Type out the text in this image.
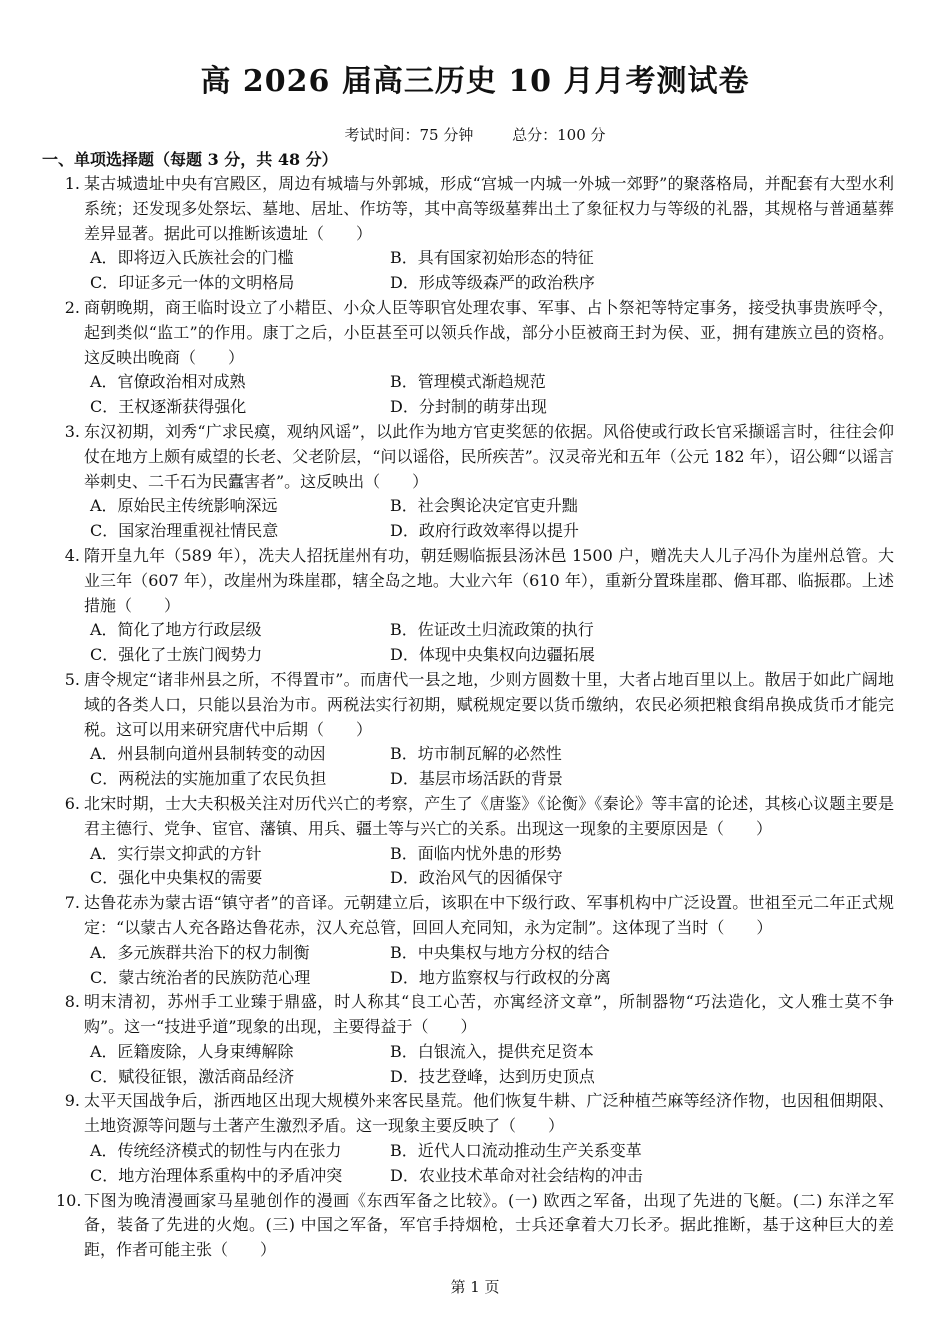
高 2026 届高三历史 10 月月考测试卷
考试时间：75 分钟	总分：100 分
一、单项选择题（每题 3 分，共 48 分）
1. 某古城遗址中央有宫殿区，周边有城墙与外郭城，形成“宫城一内城一外城一郊野”的聚落格局，并配套有大型水利系统；还发现多处祭坛、墓地、居址、作坊等，其中高等级墓葬出土了象征权力与等级的礼器，其规格与普通墓葬差异显著。据此可以推断该遗址（　　）
A．即将迈入氏族社会的门槛	B．具有国家初始形态的特征
C．印证多元一体的文明格局	D．形成等级森严的政治秩序
2. 商朝晚期，商王临时设立了小耤臣、小众人臣等职官处理农事、军事、占卜祭祀等特定事务，接受执事贵族呼令，起到类似“监工”的作用。康丁之后，小臣甚至可以领兵作战，部分小臣被商王封为侯、亚，拥有建族立邑的资格。这反映出晚商（　　）
A．官僚政治相对成熟	B．管理模式渐趋规范
C．王权逐渐获得强化	D．分封制的萌芽出现
3. 东汉初期，刘秀“广求民瘼，观纳风谣”，以此作为地方官吏奖惩的依据。风俗使或行政长官采撷谣言时，往往会仰仗在地方上颇有威望的长老、父老阶层，“问以谣俗，民所疾苦”。汉灵帝光和五年（公元 182 年），诏公卿“以谣言举刺史、二千石为民蠹害者”。这反映出（　　）
A．原始民主传统影响深远	B．社会舆论决定官吏升黜
C．国家治理重视社情民意	D．政府行政效率得以提升
4. 隋开皇九年（589 年），冼夫人招抚崖州有功，朝廷赐临振县汤沐邑 1500 户，赠冼夫人儿子冯仆为崖州总管。大业三年（607 年），改崖州为珠崖郡，辖全岛之地。大业六年（610 年），重新分置珠崖郡、儋耳郡、临振郡。上述措施（　　）
A．简化了地方行政层级	B．佐证改土归流政策的执行
C．强化了士族门阀势力	D．体现中央集权向边疆拓展
5. 唐令规定“诸非州县之所，不得置市”。而唐代一县之地，少则方圆数十里，大者占地百里以上。散居于如此广阔地域的各类人口，只能以县治为市。两税法实行初期，赋税规定要以货币缴纳，农民必须把粮食绢帛换成货币才能完税。这可以用来研究唐代中后期（　　）
A．州县制向道州县制转变的动因	B．坊市制瓦解的必然性
C．两税法的实施加重了农民负担	D．基层市场活跃的背景
6. 北宋时期，士大夫积极关注对历代兴亡的考察，产生了《唐鉴》《论衡》《秦论》等丰富的论述，其核心议题主要是君主德行、党争、宦官、藩镇、用兵、疆土等与兴亡的关系。出现这一现象的主要原因是（　　）
A．实行崇文抑武的方针	B．面临内忧外患的形势
C．强化中央集权的需要	D．政治风气的因循保守
7. 达鲁花赤为蒙古语“镇守者”的音译。元朝建立后，该职在中下级行政、军事机构中广泛设置。世祖至元二年正式规定：“以蒙古人充各路达鲁花赤，汉人充总管，回回人充同知，永为定制”。这体现了当时（　　）
A．多元族群共治下的权力制衡	B．中央集权与地方分权的结合
C．蒙古统治者的民族防范心理	D．地方监察权与行政权的分离
8. 明末清初，苏州手工业臻于鼎盛，时人称其“良工心苦，亦寓经济文章”，所制器物“巧法造化，文人雅士莫不争购”。这一“技进乎道”现象的出现，主要得益于（　　）
A．匠籍废除，人身束缚解除	B．白银流入，提供充足资本
C．赋役征银，激活商品经济	D．技艺登峰，达到历史顶点
9. 太平天国战争后，浙西地区出现大规模外来客民垦荒。他们恢复牛耕、广泛种植苎麻等经济作物，也因租佃期限、土地资源等问题与土著产生激烈矛盾。这一现象主要反映了（　　）
A．传统经济模式的韧性与内在张力	B．近代人口流动推动生产关系变革
C．地方治理体系重构中的矛盾冲突	D．农业技术革命对社会结构的冲击
10. 下图为晚清漫画家马星驰创作的漫画《东西军备之比较》。(一) 欧西之军备，出现了先进的飞艇。(二) 东洋之军备，装备了先进的火炮。(三) 中国之军备，军官手持烟枪，士兵还拿着大刀长矛。据此推断，基于这种巨大的差距，作者可能主张（　　）
第 1 页
